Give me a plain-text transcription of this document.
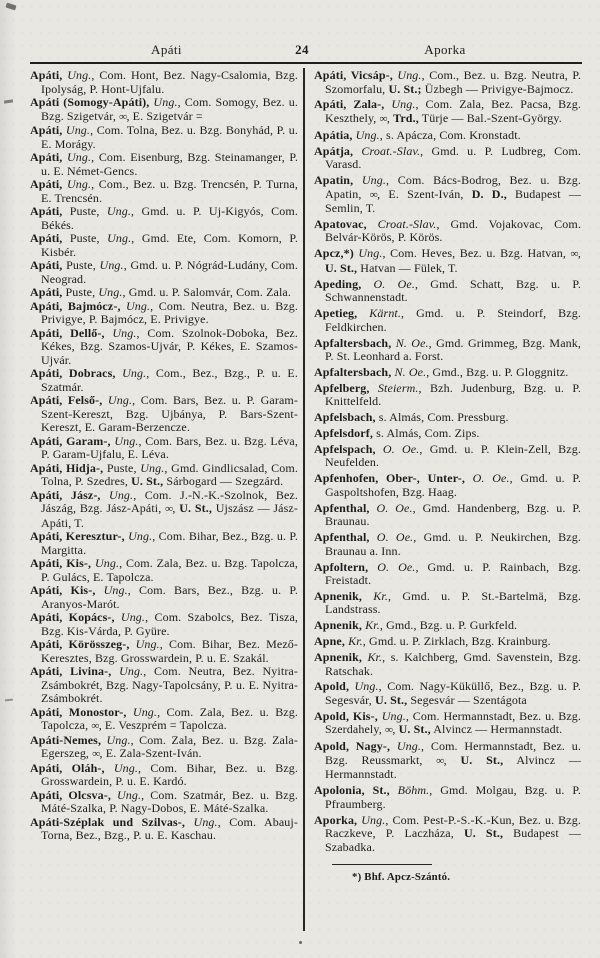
Apáti	24	Aporka
Apáti, Ung., Com. Hont, Bez. Nagy-Csalomia, Bzg. Ipolyság, P. Hont-Ujfalu.
Apáti (Somogy-Apáti), Ung., Com. Somogy, Bez. u. Bzg. Szigetvár, ∞, E. Szigetvár =
Apáti, Ung., Com. Tolna, Bez. u. Bzg. Bonyhád, P. u. E. Morágy.
Apáti, Ung., Com. Eisenburg, Bzg. Steinamanger, P. u. E. Német-Gencs.
Apáti, Ung., Com., Bez. u. Bzg. Trencsén, P. Turna, E. Trencsén.
Apáti, Puste, Ung., Gmd. u. P. Uj-Kigyós, Com. Békés.
Apáti, Puste, Ung., Gmd. Ete, Com. Komorn, P. Kisbér.
Apáti, Puste, Ung., Gmd. u. P. Nógrád-Ludány, Com. Neograd.
Apáti, Puste, Ung., Gmd. u. P. Salomvár, Com. Zala.
Apáti, Bajmócz-, Ung., Com. Neutra, Bez. u. Bzg. Privigye, P. Bajmócz, E. Privigye.
Apáti, Dellő-, Ung., Com. Szolnok-Doboka, Bez. Kékes, Bzg. Szamos-Ujvár, P. Kékes, E. Szamos-Ujvár.
Apáti, Dobracs, Ung., Com., Bez., Bzg., P. u. E. Szatmár.
Apáti, Felső-, Ung., Com. Bars, Bez. u. P. Garam-Szent-Kereszt, Bzg. Ujbánya, P. Bars-Szent-Kereszt, E. Garam-Berzencze.
Apáti, Garam-, Ung., Com. Bars, Bez. u. Bzg. Léva, P. Garam-Ujfalu, E. Léva.
Apáti, Hidja-, Puste, Ung., Gmd. Gindlicsalad, Com. Tolna, P. Szedres, U. St., Sárbogard — Szegzárd.
Apáti, Jász-, Ung., Com. J.-N.-K.-Szolnok, Bez. Jászág, Bzg. Jász-Apáti, ∞, U. St., Ujszász — Jász-Apáti, T.
Apáti, Keresztur-, Ung., Com. Bihar, Bez., Bzg. u. P. Margitta.
Apáti, Kis-, Ung., Com. Zala, Bez. u. Bzg. Tapolcza, P. Gulács, E. Tapolcza.
Apáti, Kis-, Ung., Com. Bars, Bez., Bzg. u. P. Aranyos-Marót.
Apáti, Kopács-, Ung., Com. Szabolcs, Bez. Tisza, Bzg. Kis-Várda, P. Gyüre.
Apáti, Körösszeg-, Ung., Com. Bihar, Bez. Mező-Keresztes, Bzg. Grosswardein, P. u. E. Szakál.
Apáti, Livina-, Ung., Com. Neutra, Bez. Nyitra-Zsámbokrét, Bzg. Nagy-Tapolcsány, P. u. E. Nyitra-Zsámbokrét.
Apáti, Monostor-, Ung., Com. Zala, Bez. u. Bzg. Tapolcza, ∞, E. Veszprém = Tapolcza.
Apáti-Nemes, Ung., Com. Zala, Bez. u. Bzg. Zala-Egerszeg, ∞, E. Zala-Szent-Iván.
Apáti, Oláh-, Ung., Com. Bihar, Bez. u. Bzg. Grosswardein, P. u. E. Kardó.
Apáti, Olcsva-, Ung., Com. Szatmár, Bez. u. Bzg. Máté-Szalka, P. Nagy-Dobos, E. Máté-Szalka.
Apáti-Széplak und Szilvas-, Ung., Com. Abauj-Torna, Bez., Bzg., P. u. E. Kaschau.
Apáti, Vicsáp-, Ung., Com., Bez. u. Bzg. Neutra, P. Szomorfalu, U. St.; Üzbegh — Privigye-Bajmocz.
Apáti, Zala-, Ung., Com. Zala, Bez. Pacsa, Bzg. Keszthely, ∞, Trd., Türje — Bal.-Szent-György.
Apátia, Ung., s. Apácza, Com. Kronstadt.
Apátja, Croat.-Slav., Gmd. u. P. Ludbreg, Com. Varasd.
Apatin, Ung., Com. Bács-Bodrog, Bez. u. Bzg. Apatin, ∞, E. Szent-Iván, D. D., Budapest — Semlin, T.
Apatovac, Croat.-Slav., Gmd. Vojakovac, Com. Belvár-Körös, P. Körös.
Apcz,*) Ung., Com. Heves, Bez. u. Bzg. Hatvan, ∞, U. St., Hatvan — Fülek, T.
Apeding, O. Oe., Gmd. Schatt, Bzg. u. P. Schwannenstadt.
Apetieg, Kärnt., Gmd. u. P. Steindorf, Bzg. Feldkirchen.
Apfaltersbach, N. Oe., Gmd. Grimmeg, Bzg. Mank, P. St. Leonhard a. Forst.
Apfaltersbach, N. Oe., Gmd., Bzg. u. P. Gloggnitz.
Apfelberg, Steierm., Bzh. Judenburg, Bzg. u. P. Knittelfeld.
Apfelsbach, s. Almás, Com. Pressburg.
Apfelsdorf, s. Almás, Com. Zips.
Apfelspach, O. Oe., Gmd. u. P. Klein-Zell, Bzg. Neufelden.
Apfenhofen, Ober-, Unter-, O. Oe., Gmd. u. P. Gaspoltshofen, Bzg. Haag.
Apfenthal, O. Oe., Gmd. Handenberg, Bzg. u. P. Braunau.
Apfenthal, O. Oe., Gmd. u. P. Neukirchen, Bzg. Braunau a. Inn.
Apfoltern, O. Oe., Gmd. u. P. Rainbach, Bzg. Freistadt.
Apnenik, Kr., Gmd. u. P. St.-Bartelmä, Bzg. Landstrass.
Apnenik, Kr., Gmd., Bzg. u. P. Gurkfeld.
Apne, Kr., Gmd. u. P. Zirklach, Bzg. Krainburg.
Apnenik, Kr., s. Kalchberg, Gmd. Savenstein, Bzg. Ratschak.
Apold, Ung., Com. Nagy-Küküllő, Bez., Bzg. u. P. Segesvár, U. St., Segesvár — Szentágota
Apold, Kis-, Ung., Com. Hermannstadt, Bez. u. Bzg. Szerdahely, ∞, U. St., Alvincz — Hermannstadt.
Apold, Nagy-, Ung., Com. Hermannstadt, Bez. u. Bzg. Reussmarkt, ∞, U. St., Alvincz — Hermannstadt.
Apolonia, St., Böhm., Gmd. Molgau, Bzg. u. P. Pfraumberg.
Aporka, Ung., Com. Pest-P.-S.-K.-Kun, Bez. u. Bzg. Raczkeve, P. Laczháza, U. St., Budapest — Szabadka.

*) Bhf. Apcz-Szántó.
